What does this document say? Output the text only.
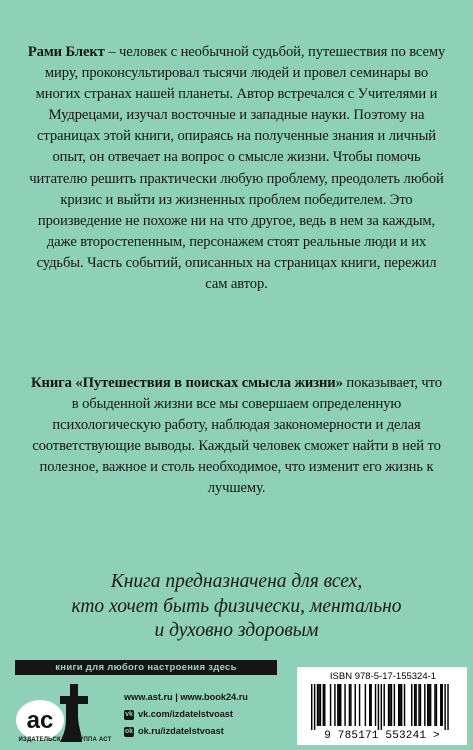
Рами Блект – человек с необычной судьбой, путешествия по всему миру, проконсультировал тысячи людей и провел семинары во многих странах нашей планеты. Автор встречался с Учителями и Мудрецами, изучал восточные и западные науки. Поэтому на страницах этой книги, опираясь на полученные знания и личный опыт, он отвечает на вопрос о смысле жизни. Чтобы помочь читателю решить практически любую проблему, преодолеть любой кризис и выйти из жизненных проблем победителем. Это произведение не похоже ни на что другое, ведь в нем за каждым, даже второстепенным, персонажем стоят реальные люди и их судьбы. Часть событий, описанных на страницах книги, пережил сам автор.
Книга «Путешествия в поисках смысла жизни» показывает, что в обыденной жизни все мы совершаем определенную психологическую работу, наблюдая закономерности и делая соответствующие выводы. Каждый человек сможет найти в ней то полезное, важное и столь необходимое, что изменит его жизнь к лучшему.
Книга предназначена для всех,
кто хочет быть физически, ментально
и духовно здоровым
книги для любого настроения здесь
ac
ИЗДАТЕЛЬСКАЯ ГРУППА АСТ
www.ast.ru | www.book24.ru
vk vk.com/izdatelstvoast
ok ok.ru/izdatelstvoast
ISBN 978-5-17-155324-1
9 785171 553241 >
